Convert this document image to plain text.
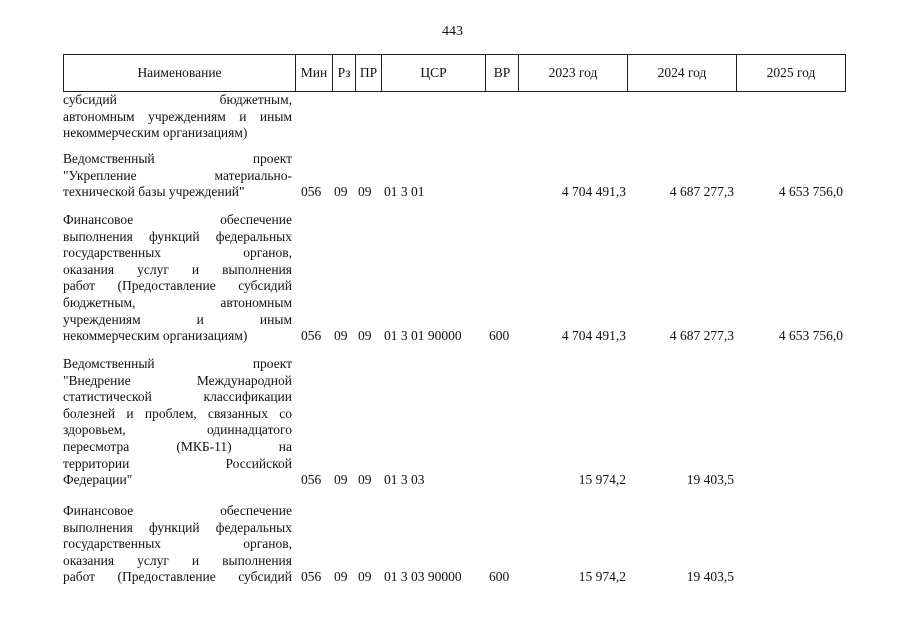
443
Наименование	Мин Рз ПР	ЦСР	ВР	2023 год	2024 год	2025 год
субсидий бюджетным,
автономным учреждениям и иным
некоммерческим организациям)
Ведомственный проект
"Укрепление материально-
технической базы учреждений"	056 09 09 01 3 01	4 704 491,3	4 687 277,3	4 653 756,0
Финансовое обеспечение
выполнения функций федеральных
государственных органов,
оказания услуг и выполнения
работ (Предоставление субсидий
бюджетным, автономным
учреждениям и иным
некоммерческим организациям)	056 09 09 01 3 01 90000 600	4 704 491,3	4 687 277,3	4 653 756,0
Ведомственный проект
"Внедрение Международной
статистической классификации
болезней и проблем, связанных со
здоровьем, одиннадцатого
пересмотра (МКБ-11) на
территории Российской
Федерации"	056 09 09 01 3 03	15 974,2	19 403,5
Финансовое обеспечение
выполнения функций федеральных
государственных органов,
оказания услуг и выполнения
работ (Предоставление субсидий 056 09 09 01 3 03 90000 600	15 974,2	19 403,5
